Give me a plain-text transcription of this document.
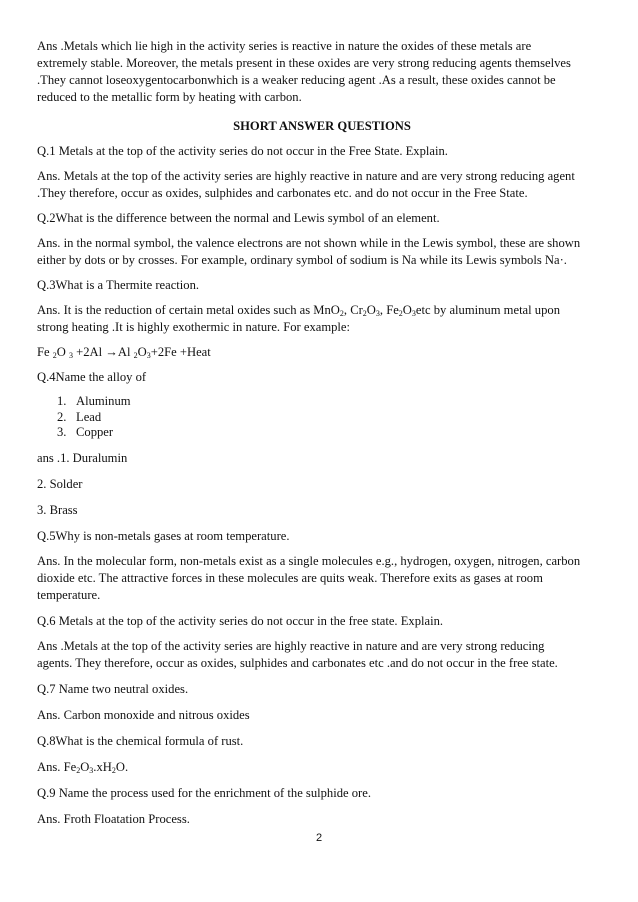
Ans .Metals which lie high in the activity series is reactive in nature the oxides of these metals are
extremely stable. Moreover, the metals present in these oxides are very strong reducing agents themselves
.They cannot loseoxygentocarbonwhich is a weaker reducing agent .As a result, these oxides cannot be
reduced to the metallic form by heating with carbon.
SHORT ANSWER QUESTIONS
Q.1 Metals at the top of the activity series do not occur in the Free State. Explain.
Ans. Metals at the top of the activity series are highly reactive in nature and are very strong reducing agent
.They therefore, occur as oxides, sulphides and carbonates etc. and do not occur in the Free State.
Q.2What is the difference between the normal and Lewis symbol of an element.
Ans. in the normal symbol, the valence electrons are not shown while in the Lewis symbol, these are shown
either by dots or by crosses. For example, ordinary symbol of sodium is Na while its Lewis symbols Na·.
Q.3What is a Thermite reaction.
Ans. It is the reduction of certain metal oxides such as MnO$_2$, $Cr_2O_3$, $Fe_2O_3etc$ by aluminum metal upon
strong heating .It is highly exothermic in nature. For example:
Fe $_2$O $_3$ +2Al →Al $_2O_3+2Fe$ +Heat
Q.4Name the alloy of
1. Aluminum
2. Lead
3. Copper
ans .1. Duralumin
2. Solder
3. Brass
Q.5Why is non-metals gases at room temperature.
Ans. In the molecular form, non-metals exist as a single molecules e.g., hydrogen, oxygen, nitrogen, carbon
dioxide etc. The attractive forces in these molecules are quits weak. Therefore exits as gases at room
temperature.
Q.6 Metals at the top of the activity series do not occur in the free state. Explain.
Ans .Metals at the top of the activity series are highly reactive in nature and are very strong reducing
agents. They therefore, occur as oxides, sulphides and carbonates etc .and do not occur in the free state.
Q.7 Name two neutral oxides.
Ans. Carbon monoxide and nitrous oxides
Q.8What is the chemical formula of rust.
Ans. $Fe_2O_3.xH_2O$.
Q.9 Name the process used for the enrichment of the sulphide ore.
Ans. Froth Floatation Process.
2
